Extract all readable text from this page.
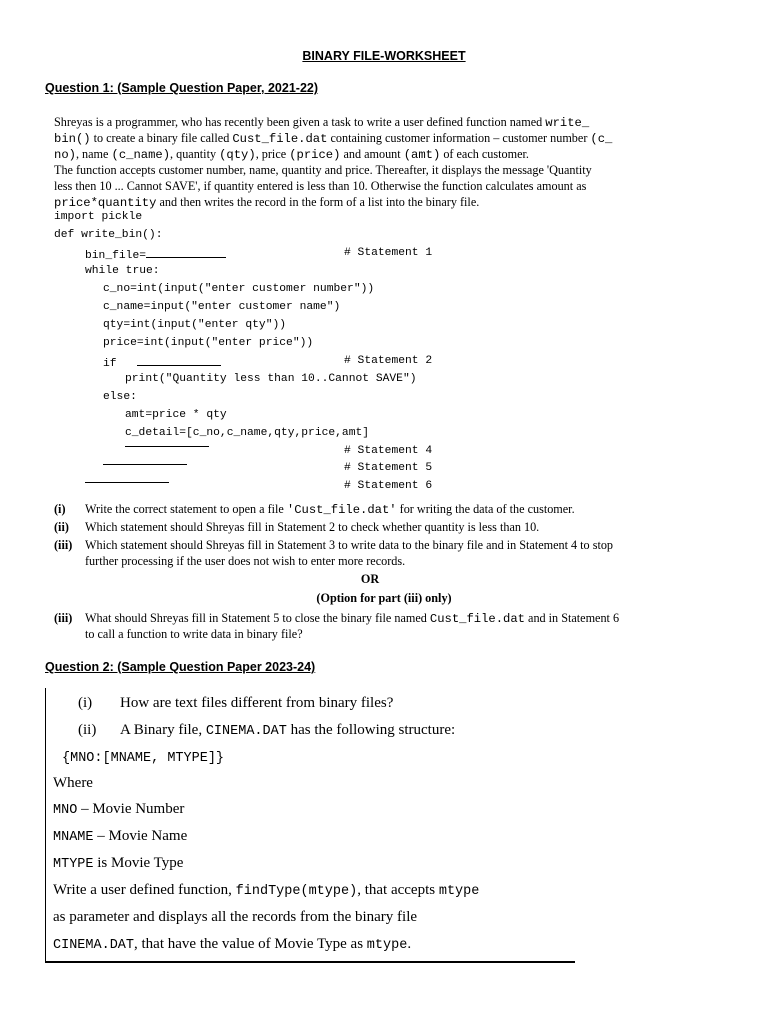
BINARY FILE-WORKSHEET
Question 1: (Sample Question Paper, 2021-22)
Shreyas is a programmer, who has recently been given a task to write a user defined function named write_
bin() to create a binary file called Cust_file.dat containing customer information – customer number (c_
no), name (c_name), quantity (qty), price (price) and amount (amt) of each customer.
The function accepts customer number, name, quantity and price. Thereafter, it displays the message 'Quantity
less then 10 ... Cannot SAVE', if quantity entered is less than 10. Otherwise the function calculates amount as
price*quantity and then writes the record in the form of a list into the binary file.
import pickle
def write_bin():
bin_file=	# Statement 1
while true:
c_no=int(input("enter customer number"))
c_name=input("enter customer name")
qty=int(input("enter qty"))
price=int(input("enter price"))
if	# Statement 2
print("Quantity less than 10..Cannot SAVE")
else:
amt=price * qty
c_detail=[c_no,c_name,qty,price,amt]
# Statement 4
# Statement 5
# Statement 6
(i) Write the correct statement to open a file 'Cust_file.dat' for writing the data of the customer.
(ii) Which statement should Shreyas fill in Statement 2 to check whether quantity is less than 10.
(iii) Which statement should Shreyas fill in Statement 3 to write data to the binary file and in Statement 4 to stop
further processing if the user does not wish to enter more records.
OR
(Option for part (iii) only)
(iii) What should Shreyas fill in Statement 5 to close the binary file named Cust_file.dat and in Statement 6
to call a function to write data in binary file?
Question 2: (Sample Question Paper 2023-24)
(i) How are text files different from binary files?
(ii) A Binary file, CINEMA.DAT has the following structure:
{MNO:[MNAME, MTYPE]}
Where
MNO – Movie Number
MNAME – Movie Name
MTYPE is Movie Type
Write a user defined function, findType(mtype), that accepts mtype
as parameter and displays all the records from the binary file
CINEMA.DAT, that have the value of Movie Type as mtype.
